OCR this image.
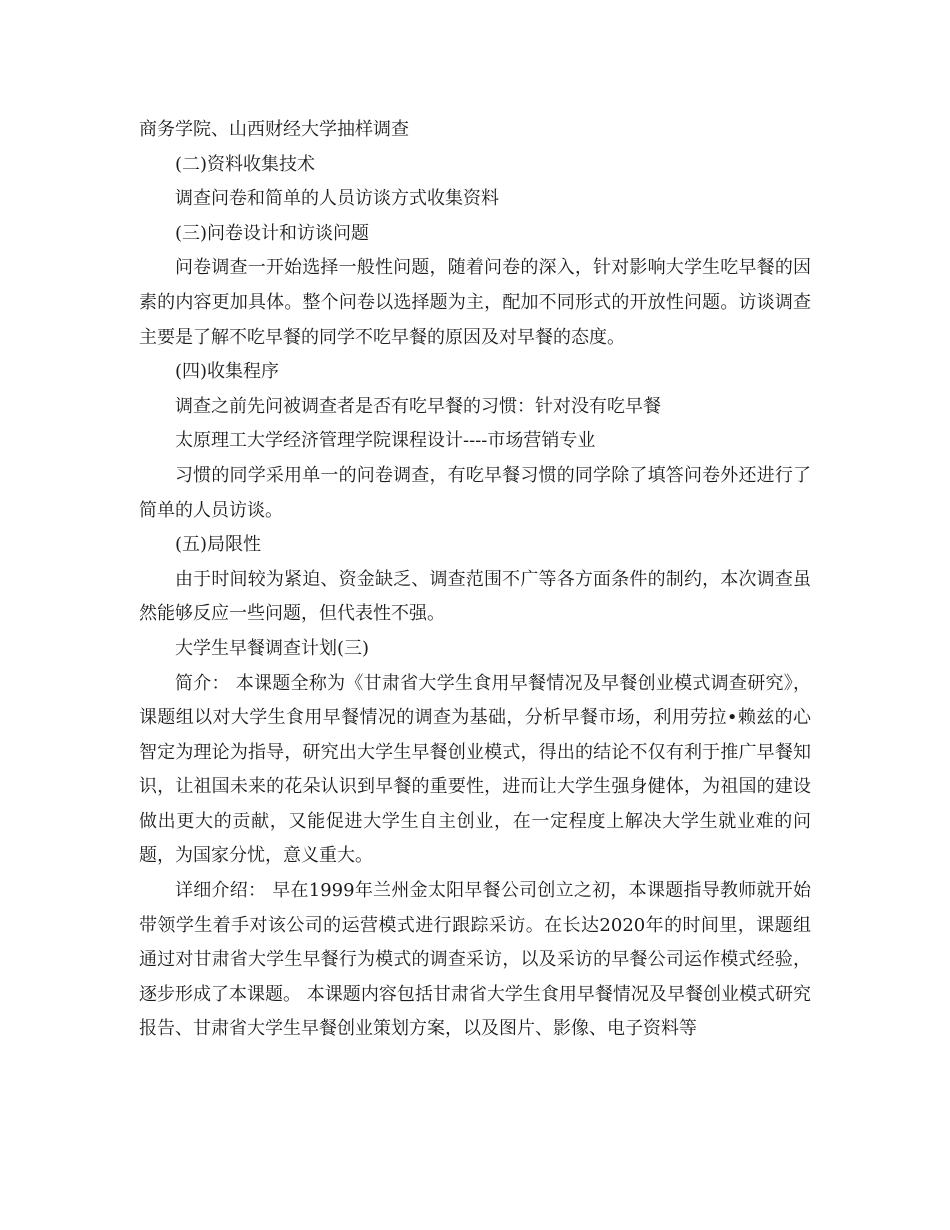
商务学院、山西财经大学抽样调查

(二)资料收集技术

调查问卷和简单的人员访谈方式收集资料

(三)问卷设计和访谈问题

问卷调查一开始选择一般性问题，随着问卷的深入，针对影响大学生吃早餐的因素的内容更加具体。整个问卷以选择题为主，配加不同形式的开放性问题。访谈调查主要是了解不吃早餐的同学不吃早餐的原因及对早餐的态度。

(四)收集程序

调查之前先问被调查者是否有吃早餐的习惯：针对没有吃早餐

太原理工大学经济管理学院课程设计----市场营销专业

习惯的同学采用单一的问卷调查，有吃早餐习惯的同学除了填答问卷外还进行了简单的人员访谈。

(五)局限性

由于时间较为紧迫、资金缺乏、调查范围不广等各方面条件的制约，本次调查虽然能够反应一些问题，但代表性不强。

大学生早餐调查计划(三)

简介： 本课题全称为《甘肃省大学生食用早餐情况及早餐创业模式调查研究》，课题组以对大学生食用早餐情况的调查为基础，分析早餐市场，利用劳拉•赖兹的心智定为理论为指导，研究出大学生早餐创业模式，得出的结论不仅有利于推广早餐知识，让祖国未来的花朵认识到早餐的重要性，进而让大学生强身健体，为祖国的建设做出更大的贡献，又能促进大学生自主创业，在一定程度上解决大学生就业难的问题，为国家分忧，意义重大。

详细介绍： 早在1999年兰州金太阳早餐公司创立之初，本课题指导教师就开始带领学生着手对该公司的运营模式进行跟踪采访。在长达2020年的时间里，课题组通过对甘肃省大学生早餐行为模式的调查采访，以及采访的早餐公司运作模式经验，逐步形成了本课题。 本课题内容包括甘肃省大学生食用早餐情况及早餐创业模式研究报告、甘肃省大学生早餐创业策划方案，以及图片、影像、电子资料等
